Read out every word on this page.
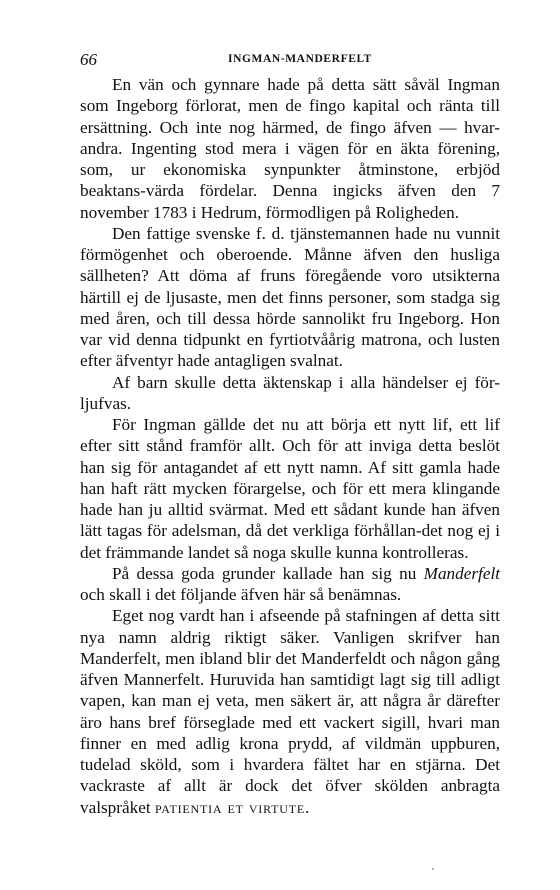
66	INGMAN-MANDERFELT

En vän och gynnare hade på detta sätt såväl Ingman som Ingeborg förlorat, men de fingo kapital och ränta till ersättning. Och inte nog härmed, de fingo äfven — hvar-andra. Ingenting stod mera i vägen för en äkta förening, som, ur ekonomiska synpunkter åtminstone, erbjöd beaktans-värda fördelar. Denna ingicks äfven den 7 november 1783 i Hedrum, förmodligen på Roligheden.

Den fattige svenske f. d. tjänstemannen hade nu vunnit förmögenhet och oberoende. Månne äfven den husliga sällheten? Att döma af fruns föregående voro utsikterna härtill ej de ljusaste, men det finns personer, som stadga sig med åren, och till dessa hörde sannolikt fru Ingeborg. Hon var vid denna tidpunkt en fyrtiotvåårig matrona, och lusten efter äfventyr hade antagligen svalnat.

Af barn skulle detta äktenskap i alla händelser ej för-ljufvas.

För Ingman gällde det nu att börja ett nytt lif, ett lif efter sitt stånd framför allt. Och för att inviga detta beslöt han sig för antagandet af ett nytt namn. Af sitt gamla hade han haft rätt mycken förargelse, och för ett mera klingande hade han ju alltid svärmat. Med ett sådant kunde han äfven lätt tagas för adelsman, då det verkliga förhållan-det nog ej i det främmande landet så noga skulle kunna kontrolleras.

På dessa goda grunder kallade han sig nu Manderfelt och skall i det följande äfven här så benämnas.

Eget nog vardt han i afseende på stafningen af detta sitt nya namn aldrig riktigt säker. Vanligen skrifver han Manderfelt, men ibland blir det Manderfeldt och någon gång äfven Mannerfelt. Huruvida han samtidigt lagt sig till adligt vapen, kan man ej veta, men säkert är, att några år därefter äro hans bref förseglade med ett vackert sigill, hvari man finner en med adlig krona prydd, af vildmän uppburen, tudelad sköld, som i hvardera fältet har en stjärna. Det vackraste af allt är dock det öfver skölden anbragta valspråket patientia et virtute.
